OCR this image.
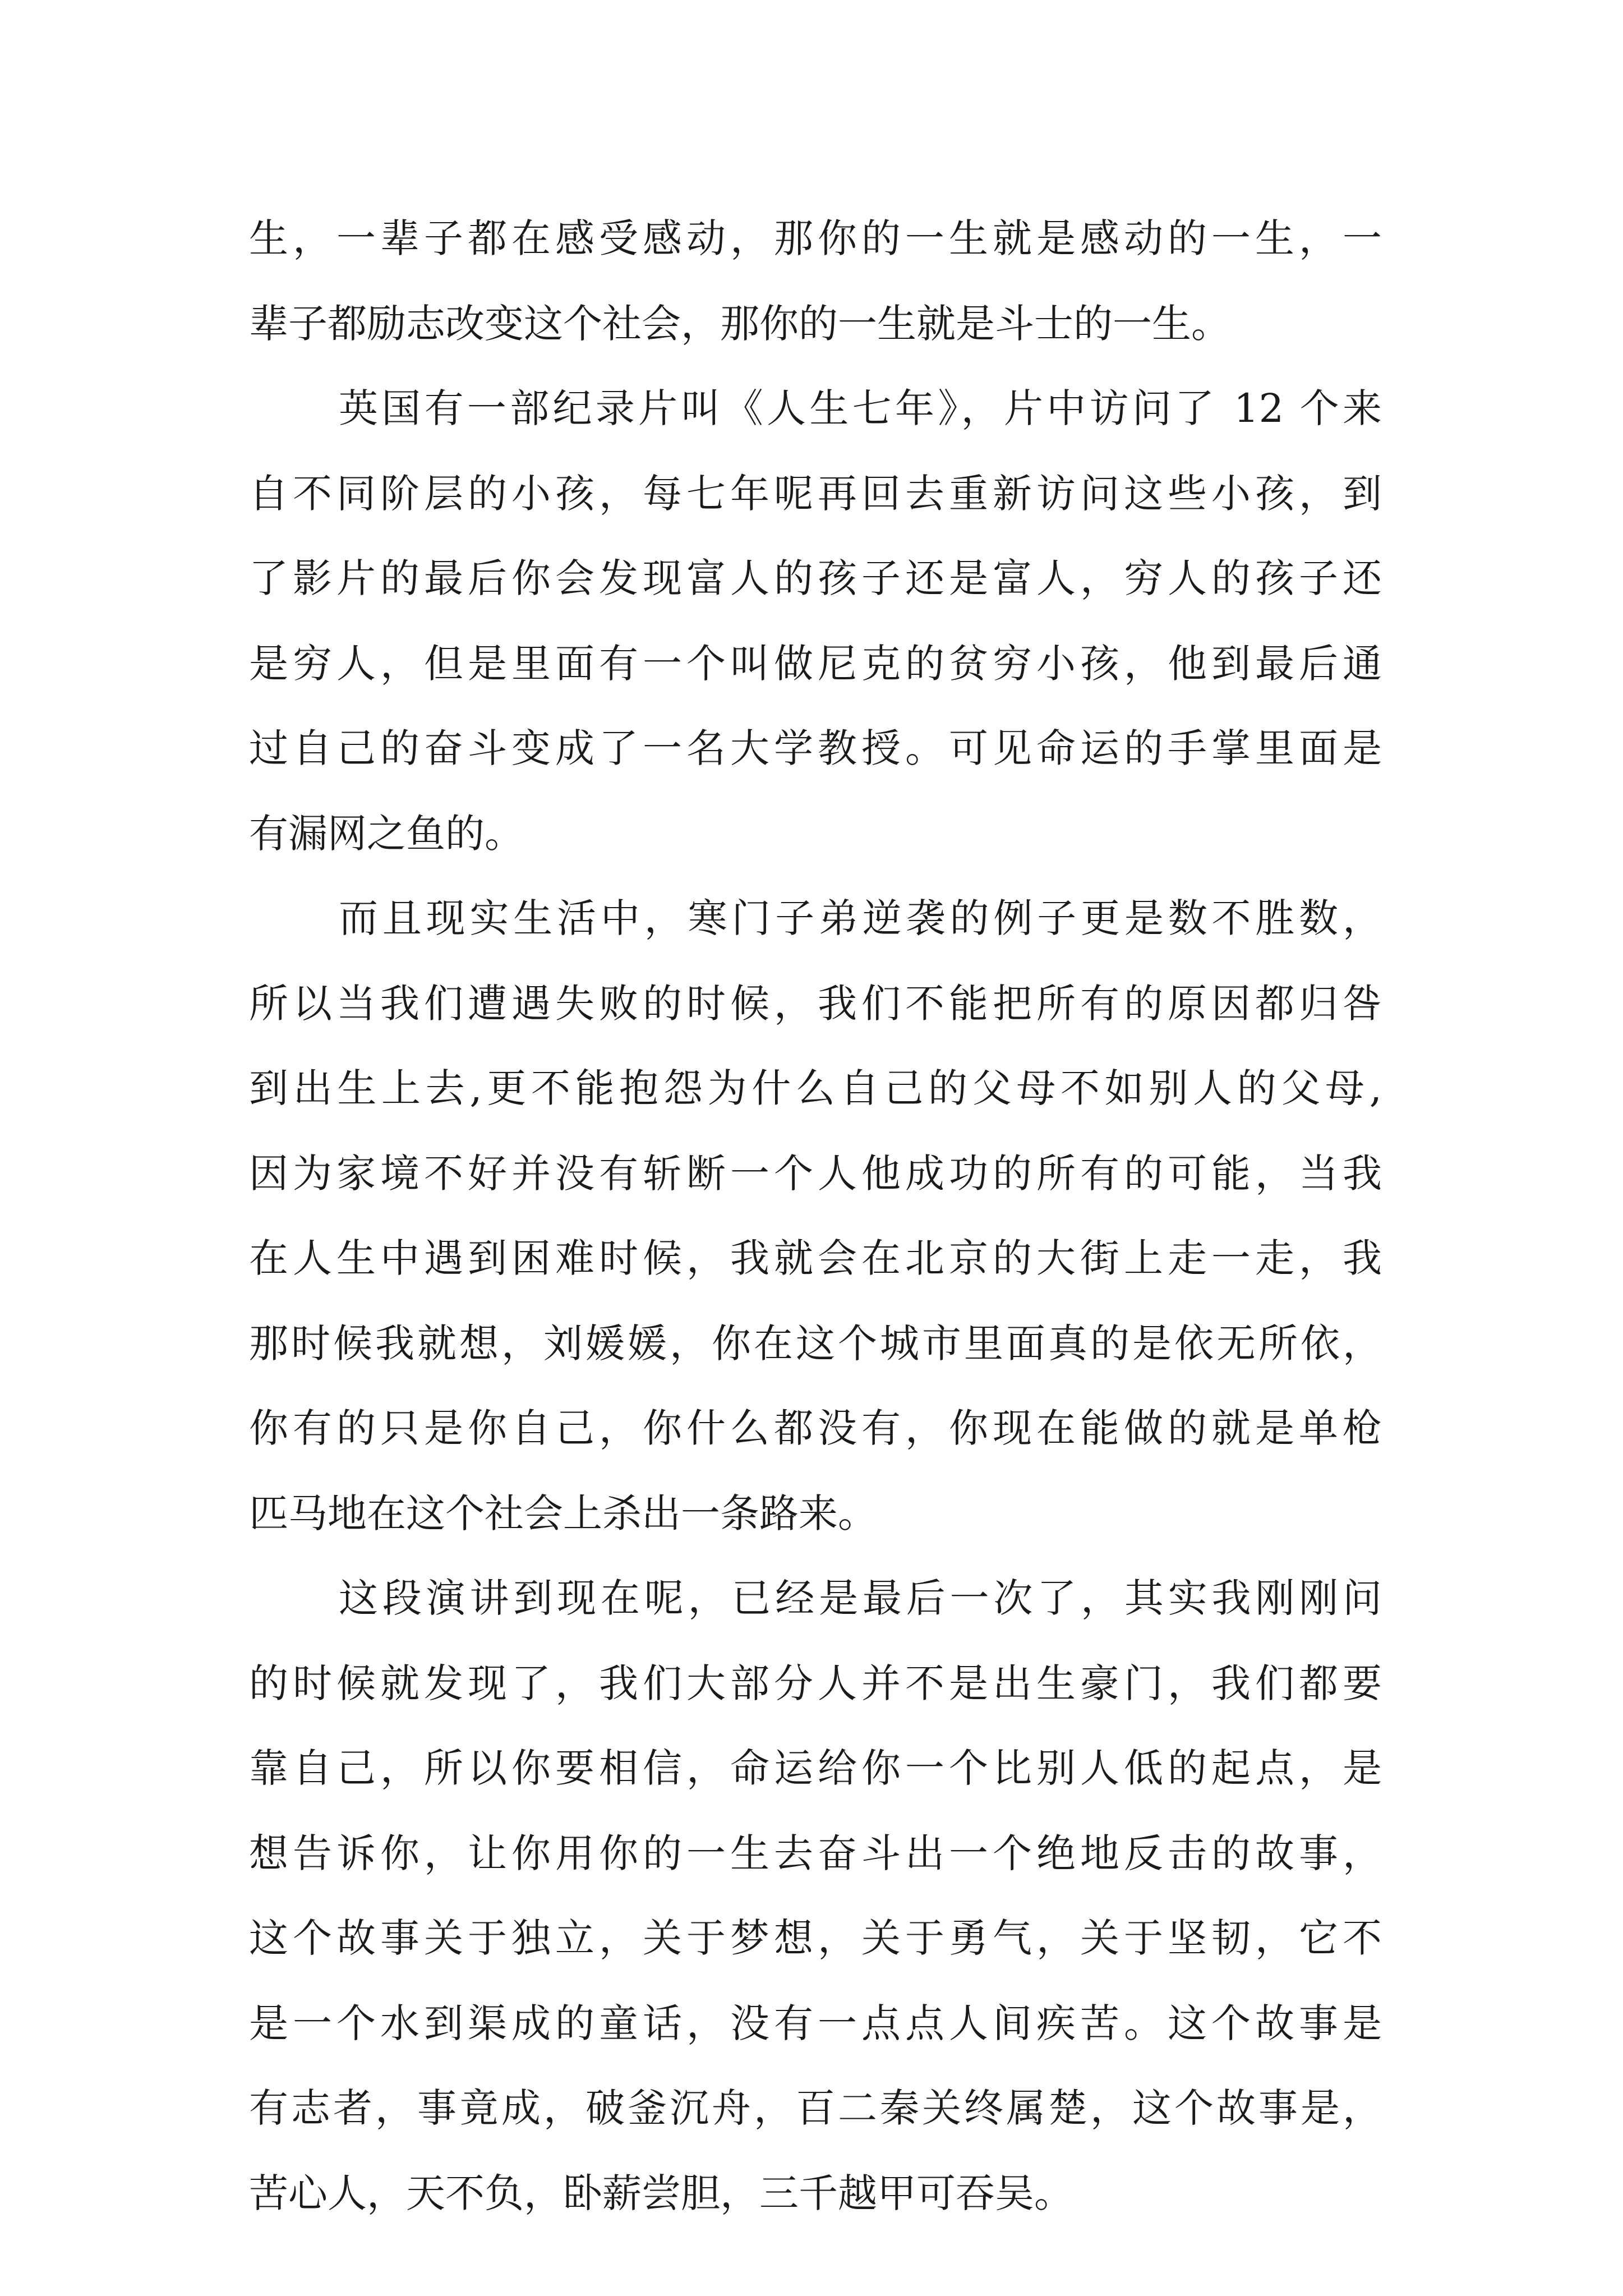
生，一辈子都在感受感动，那你的一生就是感动的一生，一
辈子都励志改变这个社会，那你的一生就是斗士的一生。
英国有一部纪录片叫《人生七年》，片中访问了 12 个来
自不同阶层的小孩，每七年呢再回去重新访问这些小孩，到
了影片的最后你会发现富人的孩子还是富人，穷人的孩子还
是穷人，但是里面有一个叫做尼克的贫穷小孩，他到最后通
过自己的奋斗变成了一名大学教授。可见命运的手掌里面是
有漏网之鱼的。
而且现实生活中，寒门子弟逆袭的例子更是数不胜数，
所以当我们遭遇失败的时候，我们不能把所有的原因都归咎
到出生上去,更不能抱怨为什么自己的父母不如别人的父母,
因为家境不好并没有斩断一个人他成功的所有的可能，当我
在人生中遇到困难时候，我就会在北京的大街上走一走，我
那时候我就想，刘媛媛，你在这个城市里面真的是依无所依，
你有的只是你自己，你什么都没有，你现在能做的就是单枪
匹马地在这个社会上杀出一条路来。
这段演讲到现在呢，已经是最后一次了，其实我刚刚问
的时候就发现了，我们大部分人并不是出生豪门，我们都要
靠自己，所以你要相信，命运给你一个比别人低的起点，是
想告诉你，让你用你的一生去奋斗出一个绝地反击的故事，
这个故事关于独立，关于梦想，关于勇气，关于坚韧，它不
是一个水到渠成的童话，没有一点点人间疾苦。这个故事是
有志者，事竟成，破釜沉舟，百二秦关终属楚，这个故事是，
苦心人，天不负，卧薪尝胆，三千越甲可吞吴。
